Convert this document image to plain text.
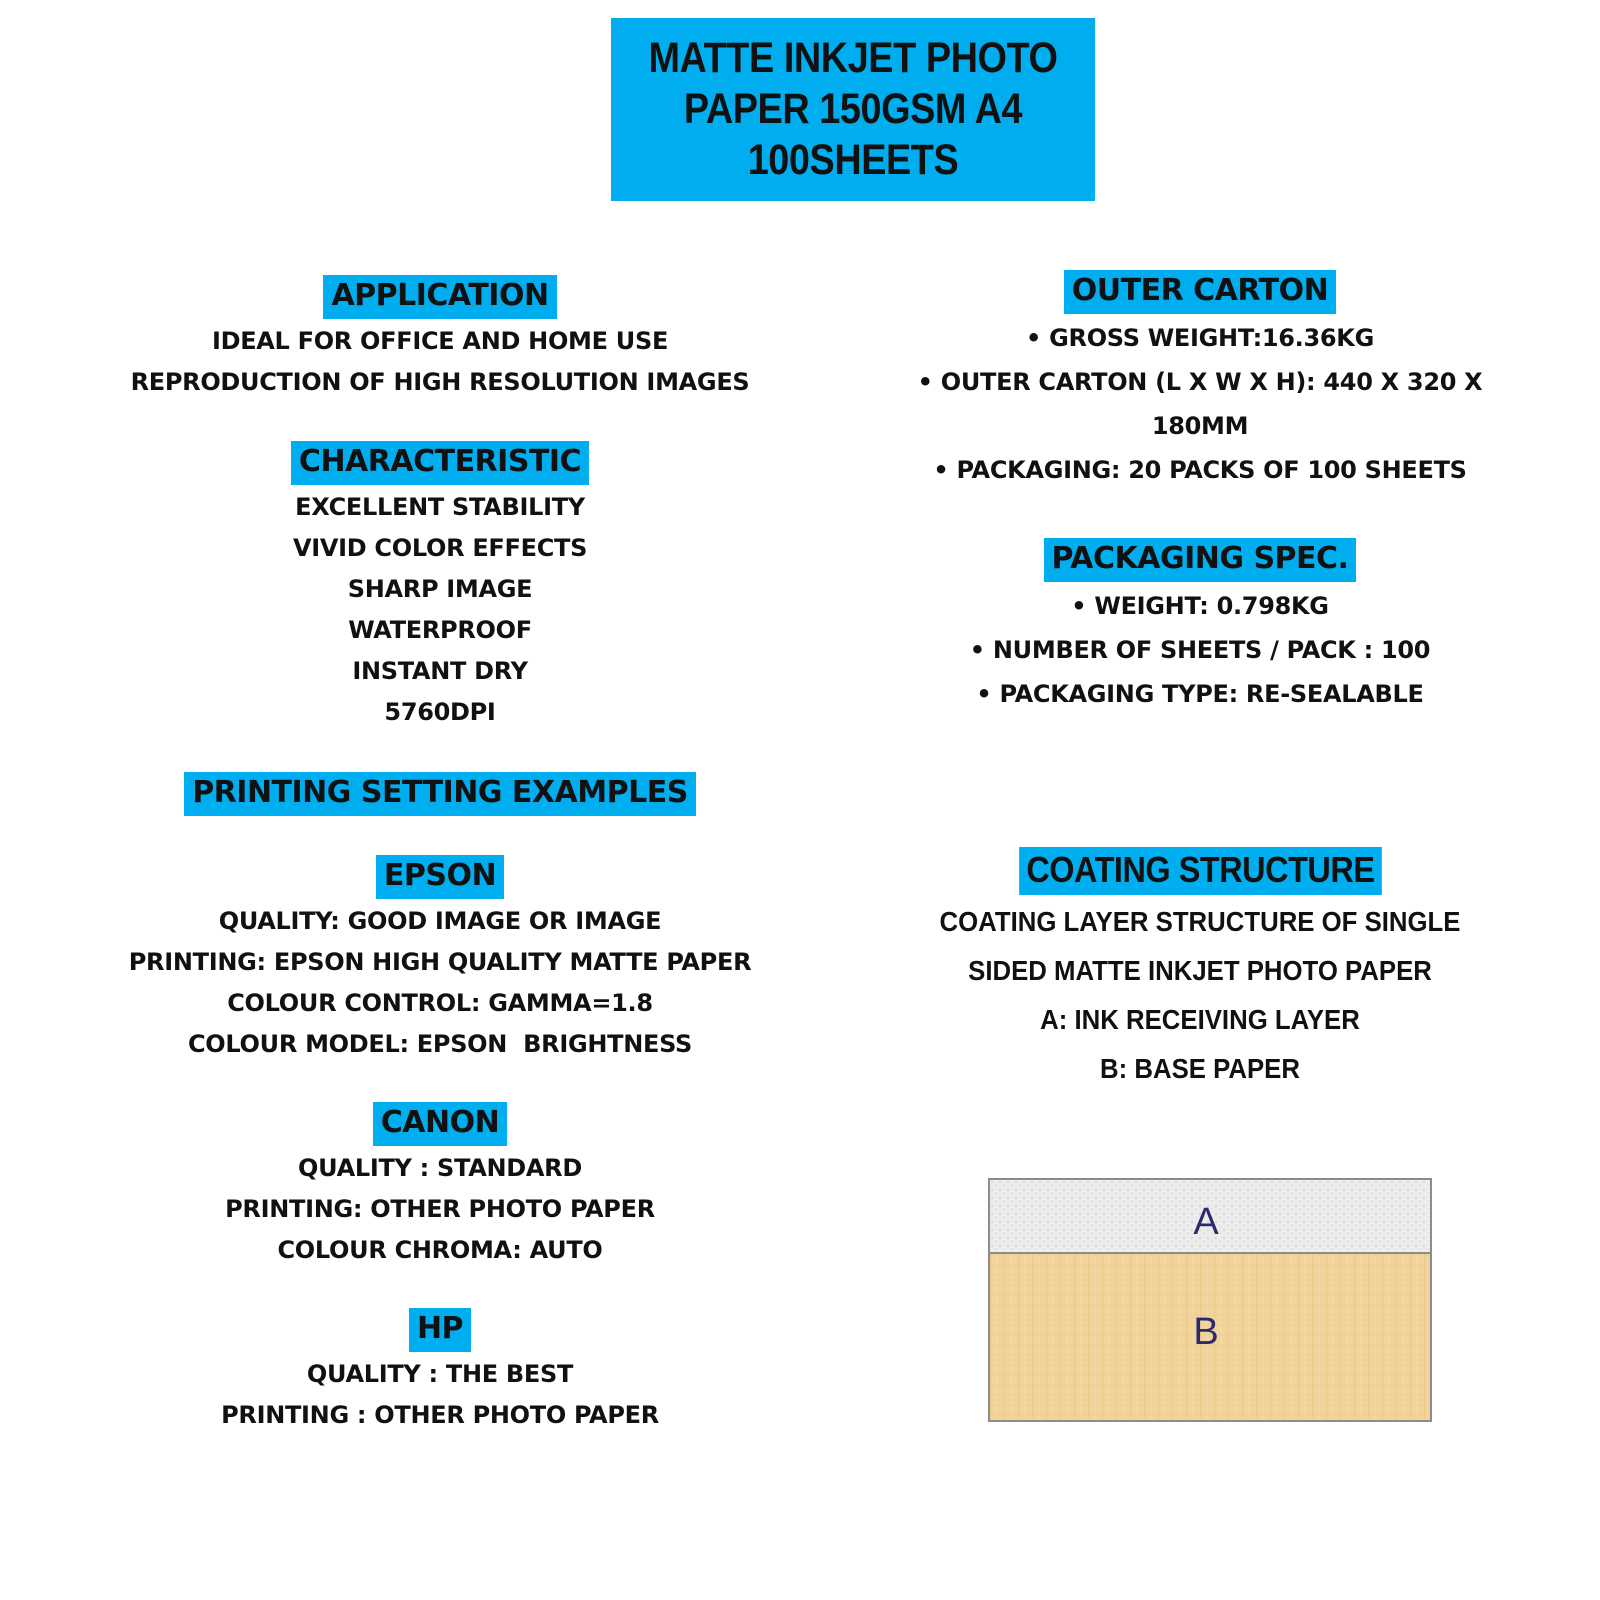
MATTE INKJET PHOTO PAPER 150GSM A4 100SHEETS
APPLICATION
IDEAL FOR OFFICE AND HOME USE
REPRODUCTION OF HIGH RESOLUTION IMAGES
CHARACTERISTIC
EXCELLENT STABILITY
VIVID COLOR EFFECTS
SHARP IMAGE
WATERPROOF
INSTANT DRY
5760DPI
PRINTING SETTING EXAMPLES
EPSON
QUALITY: GOOD IMAGE OR IMAGE
PRINTING: EPSON HIGH QUALITY MATTE PAPER
COLOUR CONTROL: GAMMA=1.8
COLOUR MODEL: EPSON  BRIGHTNESS
CANON
QUALITY : STANDARD
PRINTING: OTHER PHOTO PAPER
COLOUR CHROMA: AUTO
HP
QUALITY : THE BEST
PRINTING : OTHER PHOTO PAPER
OUTER CARTON
• GROSS WEIGHT:16.36KG
• OUTER CARTON (L X W X H): 440 X 320 X 180MM
• PACKAGING: 20 PACKS OF 100 SHEETS
PACKAGING SPEC.
• WEIGHT: 0.798KG
• NUMBER OF SHEETS / PACK : 100
• PACKAGING TYPE: RE-SEALABLE
COATING STRUCTURE
COATING LAYER STRUCTURE OF SINGLE
SIDED MATTE INKJET PHOTO PAPER
A: INK RECEIVING LAYER
B: BASE PAPER
A
B
